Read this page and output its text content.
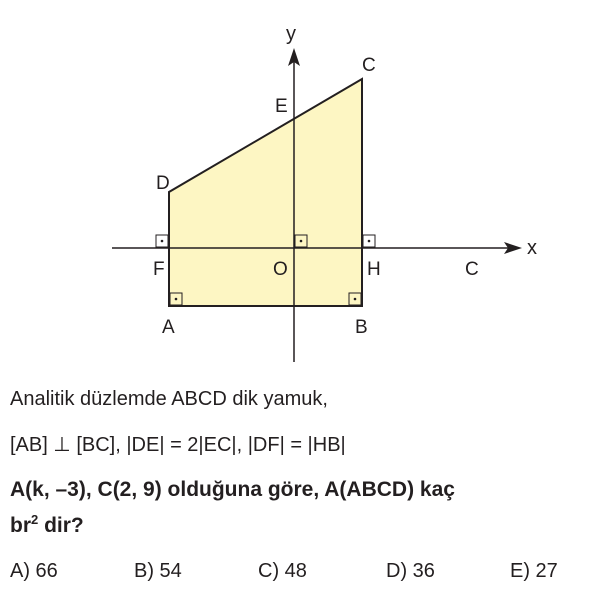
y
x
C
E
D
F	O	H	C
A	B
Analitik düzlemde ABCD dik yamuk,
[AB] ⊥ [BC], |DE| = 2|EC|, |DF| = |HB|
A(k, –3), C(2, 9) olduğuna göre, A(ABCD) kaç
$br^2$ dir?
A) 66	B) 54	C) 48	D) 36	E) 27
